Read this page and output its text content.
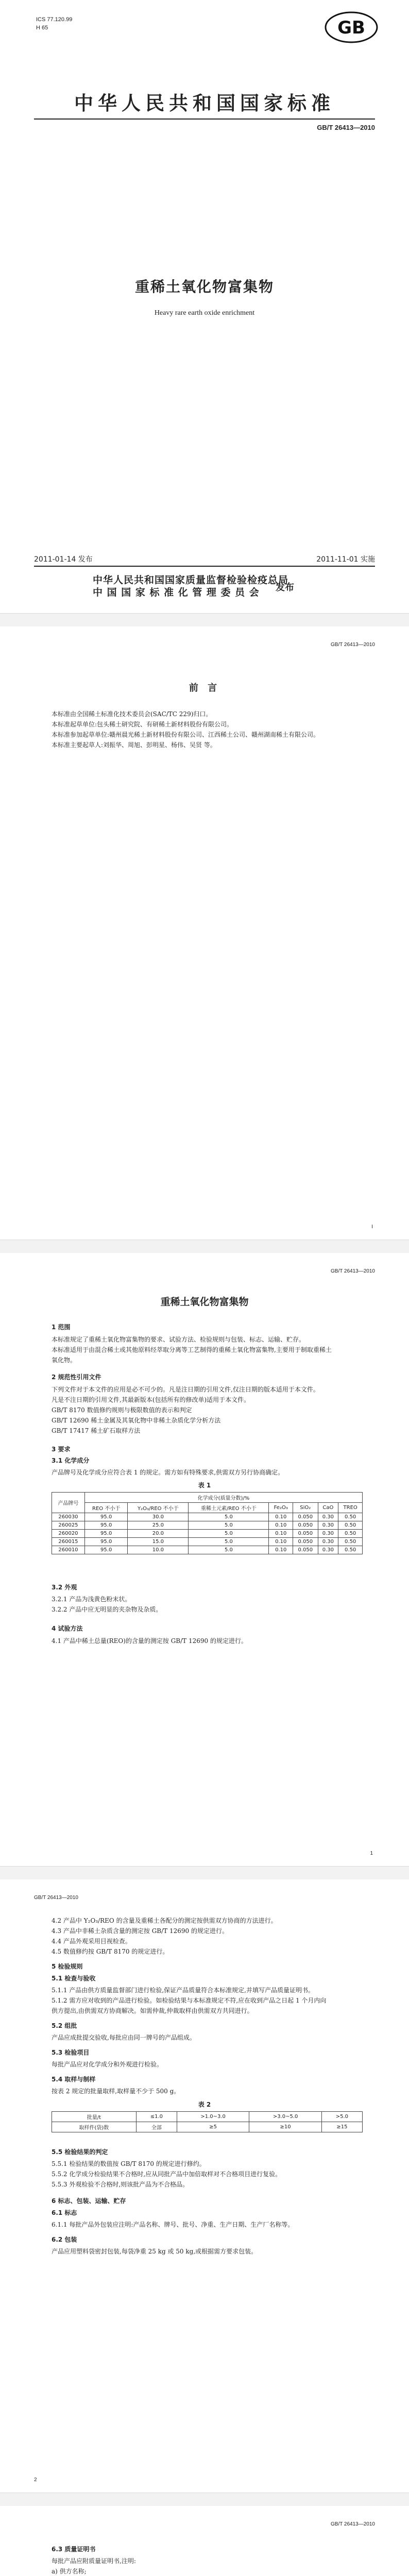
ICS 77.120.99
H 65	GB
中华人民共和国国家标准
GB/T 26413—2010
重稀土氧化物富集物
Heavy rare earth oxide enrichment
2011-01-14 发布	2011-11-01 实施
中华人民共和国国家质量监督检验检疫总局
中 国 国 家 标 准 化 管 理 委 员 会	发布
GB/T 26413—2010
前 言
本标准由全国稀土标准化技术委员会(SAC/TC 229)归口。
本标准起草单位:包头稀土研究院、有研稀土新材料股份有限公司。
本标准参加起草单位:赣州晨光稀土新材料股份有限公司、江西稀土公司、赣州湖南稀土有限公司。
本标准主要起草人:刘振华、周旭、彭明星、杨伟、吴贤 等。
I
GB/T 26413—2010
重稀土氧化物富集物
1 范围
本标准规定了重稀土氧化物富集物的要求、试验方法、检验规则与包装、标志、运输、贮存。
本标准适用于由混合稀土或其他原料经萃取分离等工艺制得的重稀土氧化物富集物,主要用于制取重稀土
氧化物。
2 规范性引用文件
下列文件对于本文件的应用是必不可少的。凡是注日期的引用文件,仅注日期的版本适用于本文件。
凡是不注日期的引用文件,其最新版本(包括所有的修改单)适用于本文件。
GB/T 8170 数值修约规则与极限数值的表示和判定
GB/T 12690 稀土金属及其氧化物中非稀土杂质化学分析方法
GB/T 17417 稀土矿石取样方法
3 要求
3.1 化学成分
产品牌号及化学成分应符合表 1 的规定。需方如有特殊要求,供需双方另行协商确定。
表 1
产品牌号	化学成分(质量分数)/%						
	REO 不小于	Y₂O₃/REO 不小于	重稀土元素/REO 不小于	Fe₂O₃	SiO₂	CaO	TREO
260030	95.0	30.0	5.0	0.10	0.050	0.30	0.50
260025	95.0	25.0	5.0	0.10	0.050	0.30	0.50
260020	95.0	20.0	5.0	0.10	0.050	0.30	0.50
260015	95.0	15.0	5.0	0.10	0.050	0.30	0.50
260010	95.0	10.0	5.0	0.10	0.050	0.30	0.50
3.2 外观
3.2.1 产品为浅黄色粉末状。
3.2.2 产品中应无明显的夹杂物及杂质。
4 试验方法
4.1 产品中稀土总量(REO)的含量的测定按 GB/T 12690 的规定进行。
1
GB/T 26413—2010
4.2 产品中 Y₂O₃/REO 的含量及重稀土各配分的测定按供需双方协商的方法进行。
4.3 产品中非稀土杂质含量的测定按 GB/T 12690 的规定进行。
4.4 产品外观采用目视检查。
4.5 数值修约按 GB/T 8170 的规定进行。
5 检验规则
5.1 检查与验收
5.1.1 产品由供方质量监督部门进行检验,保证产品质量符合本标准规定,并填写产品质量证明书。
5.1.2 需方应对收到的产品进行检验。如检验结果与本标准规定不符,应在收到产品之日起 1 个月内向
供方提出,由供需双方协商解决。如需仲裁,仲裁取样由供需双方共同进行。
5.2 组批
产品应成批提交验收,每批应由同一牌号的产品组成。
5.3 检验项目
每批产品应对化学成分和外观进行检验。
5.4 取样与制样
按表 2 规定的批量取样,取样量不少于 500 g。
表 2
批量/t	≤1.0	>1.0~3.0	>3.0~5.0	>5.0
取样件(袋)数	全部	≥5	≥10	≥15
5.5 检验结果的判定
5.5.1 检验结果的数值按 GB/T 8170 的规定进行修约。
5.5.2 化学成分检验结果不合格时,应从同批产品中加倍取样对不合格项目进行复验。
5.5.3 外观检验不合格时,则该批产品为不合格品。
6 标志、包装、运输、贮存
6.1 标志
6.1.1 每批产品外包装应注明:产品名称、牌号、批号、净重、生产日期、生产厂名称等。
6.2 包装
产品应用塑料袋密封包装,每袋净重 25 kg 或 50 kg,或根据需方要求包装。
2
GB/T 26413—2010
6.3 质量证明书
每批产品应附质量证明书,注明:
a) 供方名称;
